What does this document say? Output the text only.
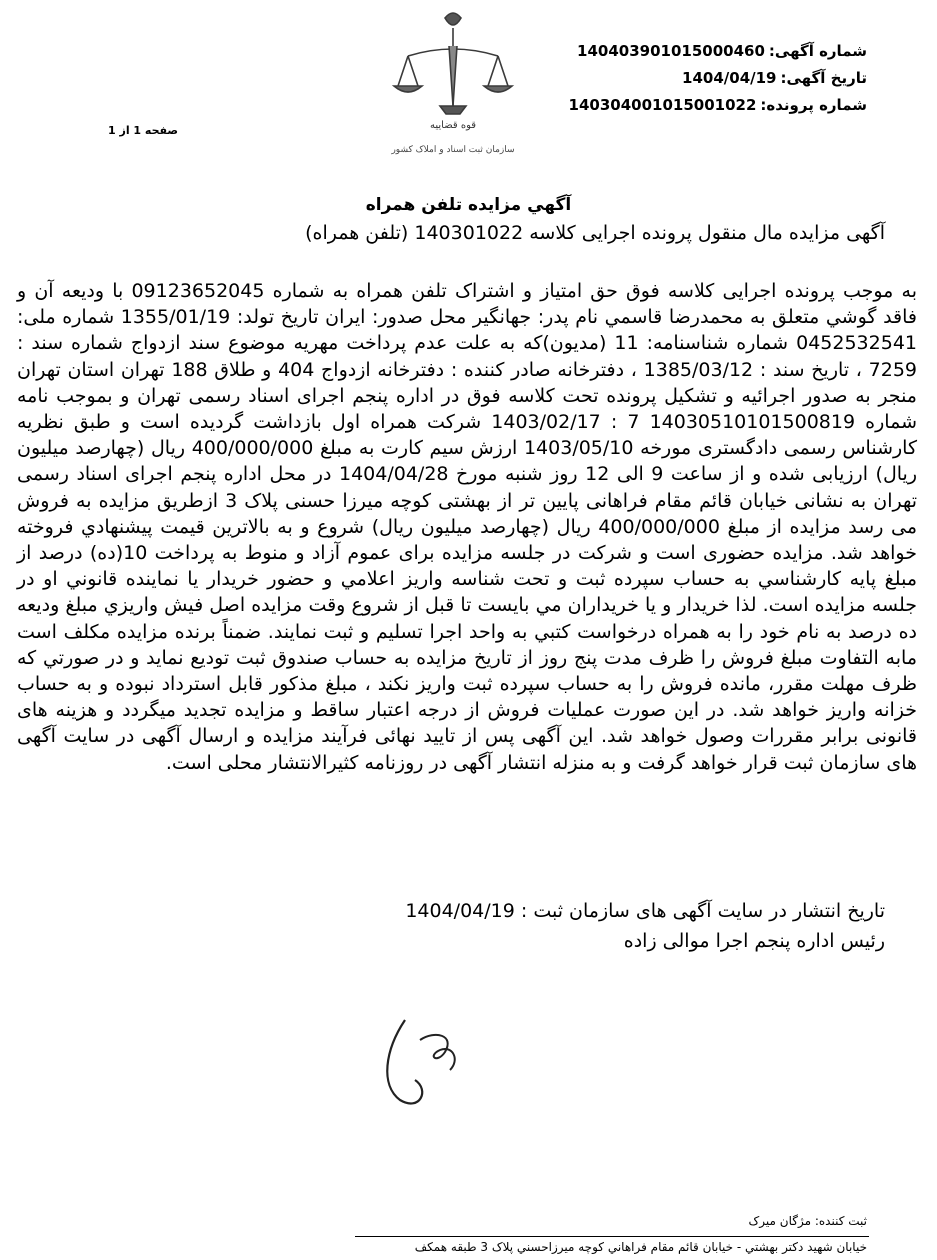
قوه قضاییه
سازمان ثبت اسناد و املاک کشور
شماره آگهی:
140403901015000460
تاریخ آگهی:
1404/04/19
شماره پرونده:
140304001015001022
صفحه 1 از 1
آگهي مزايده تلفن همراه
آگهی مزایده مال منقول پرونده اجرایی کلاسه 140301022 (تلفن همراه)
به موجب پرونده اجرايی كلاسه فوق حق امتياز و اشتراک تلفن همراه به شماره 09123652045 با وديعه آن و فاقد گوشي متعلق به محمدرضا قاسمي نام پدر: جهانگير محل صدور: ايران تاريخ تولد: 1355/01/19 شماره ملی: 0452532541 شماره شناسنامه: 11 (مدیون)که به علت عدم پرداخت مهریه موضوع سند ازدواج شماره سند : 7259 ، تاریخ سند : 1385/03/12 ، دفترخانه صادر کننده : دفترخانه ازدواج 404 و طلاق 188 تهران استان تهران منجر به صدور اجرائيه و تشکيل پرونده تحت کلاسه فوق در اداره پنجم اجرای اسناد رسمی تهران و بموجب نامه شماره 14030510101500819 7 : 1403/02/17 شرکت همراه اول بازداشت گرديده است و طبق نظريه کارشناس رسمی دادگستری مورخه 1403/05/10 ارزش سيم کارت به مبلغ 400/000/000 ريال (چهارصد ميليون ريال) ارزيابی شده و از ساعت 9 الی 12 روز شنبه مورخ 1404/04/28 در محل اداره پنجم اجرای اسناد رسمی تهران به نشانی خيابان قائم مقام فراهانی پايين تر از بهشتی کوچه ميرزا حسنی پلاک 3 ازطريق مزايده به فروش می رسد مزايده از مبلغ 400/000/000 ريال (چهارصد ميليون ريال) شروع و به بالاترين قيمت پيشنهادي فروخته خواهد شد. مزايده حضوری است و شرکت در جلسه مزايده برای عموم آزاد و منوط به پرداخت 10(ده) درصد از مبلغ پايه كارشناسي به حساب سپرده ثبت و تحت شناسه واريز اعلامي و حضور خريدار يا نماينده قانوني او در جلسه مزايده است. لذا خريدار و يا خريداران مي بايست تا قبل از شروع وقت مزايده اصل فيش واريزي مبلغ وديعه ده درصد به نام خود را به همراه درخواست کتبي به واحد اجرا تسليم و ثبت نمايند. ضمناً برنده مزايده مکلف است مابه التفاوت مبلغ فروش را ظرف مدت پنج روز از تاريخ مزايده به حساب صندوق ثبت توديع نمايد و در صورتي که ظرف مهلت مقرر، مانده فروش را به حساب سپرده ثبت واريز نکند ، مبلغ مذکور قابل استرداد نبوده و به حساب خزانه واريز خواهد شد. در اين صورت عمليات فروش از درجه اعتبار ساقط و مزايده تجديد ميگردد و هزينه های قانونی برابر مقررات وصول خواهد شد. اين آگهی پس از تاييد نهائی فرآيند مزايده و ارسال آگهی در سايت آگهی های سازمان ثبت قرار خواهد گرفت و به منزله انتشار آگهی در روزنامه کثيرالانتشار محلی است.
تاریخ انتشار در سایت آگهی های سازمان ثبت : 1404/04/19
رئیس اداره پنجم اجرا موالی زاده
ثبت کننده: مژگان میرک
خيابان شهيد دكتر بهشتي - خيابان قائم مقام فراهاني كوچه ميرزاحسني پلاک 3 طبقه همكف
